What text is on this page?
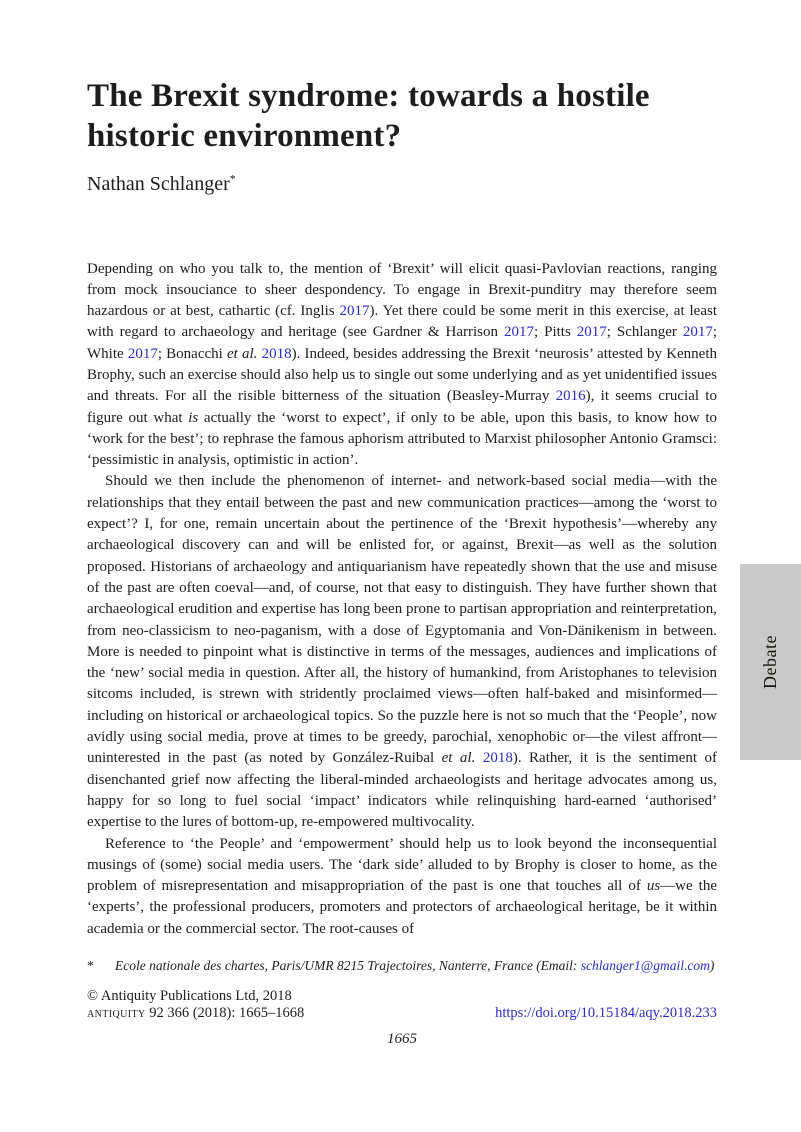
Debate
The Brexit syndrome: towards a hostile historic environment?
Nathan Schlanger*

Depending on who you talk to, the mention of ‘Brexit’ will elicit quasi-Pavlovian reactions, ranging from mock insouciance to sheer despondency. To engage in Brexit-punditry may therefore seem hazardous or at best, cathartic (cf. Inglis 2017). Yet there could be some merit in this exercise, at least with regard to archaeology and heritage (see Gardner & Harrison 2017; Pitts 2017; Schlanger 2017; White 2017; Bonacchi et al. 2018). Indeed, besides addressing the Brexit ‘neurosis’ attested by Kenneth Brophy, such an exercise should also help us to single out some underlying and as yet unidentified issues and threats. For all the risible bitterness of the situation (Beasley-Murray 2016), it seems crucial to figure out what is actually the ‘worst to expect’, if only to be able, upon this basis, to know how to ‘work for the best’; to rephrase the famous aphorism attributed to Marxist philosopher Antonio Gramsci: ‘pessimistic in analysis, optimistic in action’.

Should we then include the phenomenon of internet- and network-based social media—with the relationships that they entail between the past and new communication practices—among the ‘worst to expect’? I, for one, remain uncertain about the pertinence of the ‘Brexit hypothesis’—whereby any archaeological discovery can and will be enlisted for, or against, Brexit—as well as the solution proposed. Historians of archaeology and antiquarianism have repeatedly shown that the use and misuse of the past are often coeval—and, of course, not that easy to distinguish. They have further shown that archaeological erudition and expertise has long been prone to partisan appropriation and reinterpretation, from neo-classicism to neo-paganism, with a dose of Egyptomania and Von-Dänikenism in between. More is needed to pinpoint what is distinctive in terms of the messages, audiences and implications of the ‘new’ social media in question. After all, the history of humankind, from Aristophanes to television sitcoms included, is strewn with stridently proclaimed views—often half-baked and misinformed—including on historical or archaeological topics. So the puzzle here is not so much that the ‘People’, now avidly using social media, prove at times to be greedy, parochial, xenophobic or—the vilest affront—uninterested in the past (as noted by González-Ruibal et al. 2018). Rather, it is the sentiment of disenchanted grief now affecting the liberal-minded archaeologists and heritage advocates among us, happy for so long to fuel social ‘impact’ indicators while relinquishing hard-earned ‘authorised’ expertise to the lures of bottom-up, re-empowered multivocality.

Reference to ‘the People’ and ‘empowerment’ should help us to look beyond the inconsequential musings of (some) social media users. The ‘dark side’ alluded to by Brophy is closer to home, as the problem of misrepresentation and misappropriation of the past is one that touches all of us—we the ‘experts’, the professional producers, promoters and protectors of archaeological heritage, be it within academia or the commercial sector. The root-causes of

*	Ecole nationale des chartes, Paris/UMR 8215 Trajectoires, Nanterre, France (Email: schlanger1@gmail.com)
© Antiquity Publications Ltd, 2018
antiquity 92 366 (2018): 1665–1668	https://doi.org/10.15184/aqy.2018.233
1665
